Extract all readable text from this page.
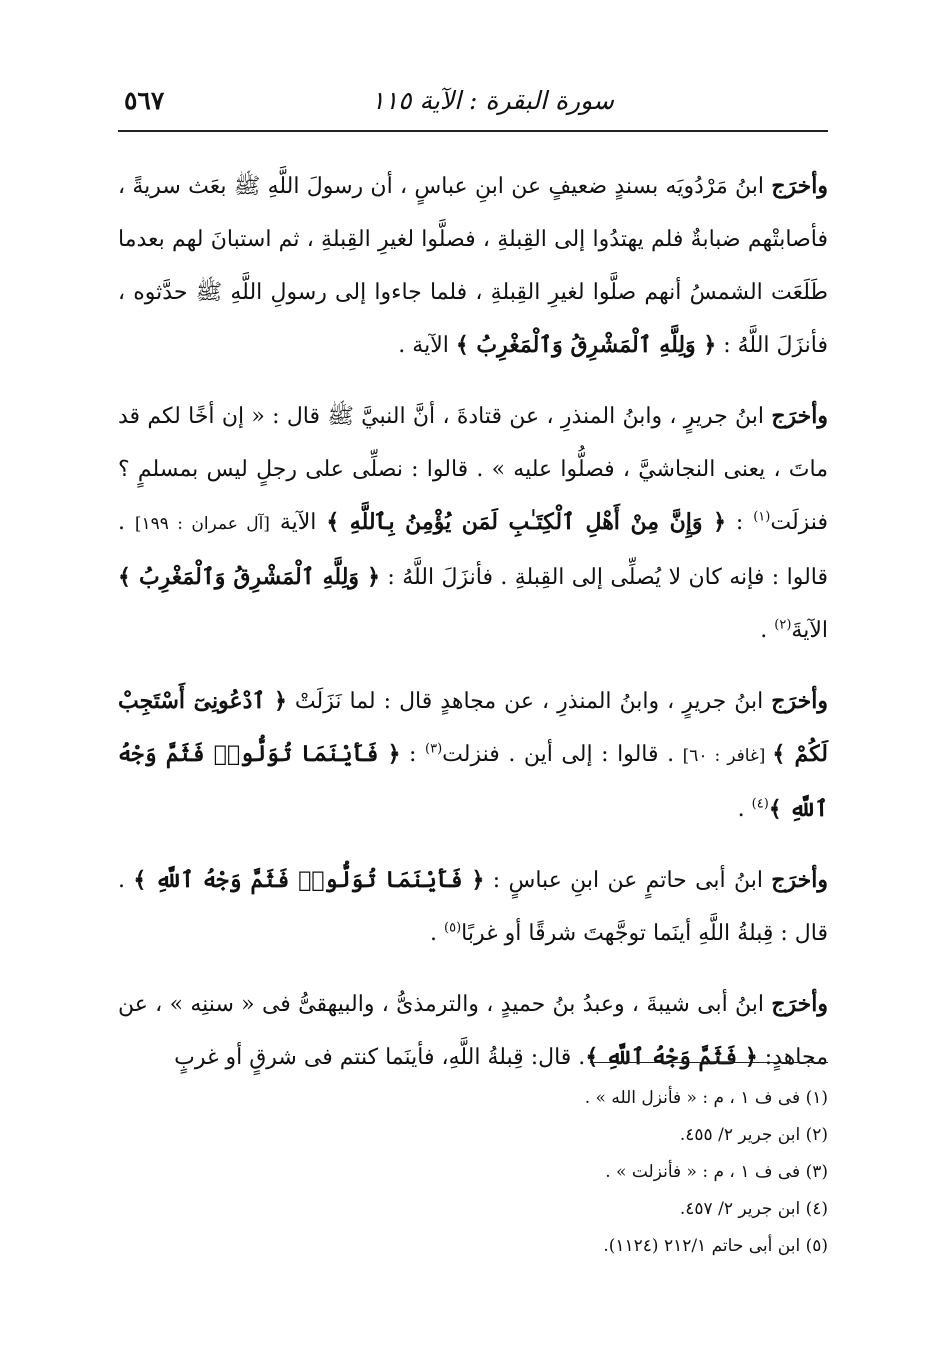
سورة البقرة : الآية ١١٥
٥٦٧

وأخرَج ابنُ مَرْدُويَه بسندٍ ضعيفٍ عن ابنِ عباسٍ ، أن رسولَ اللَّهِ ﷺ بعَث سريةً ، فأصابتْهم ضبابةٌ فلم يهتدُوا إلى القِبلةِ ، فصلَّوا لغيرِ القِبلةِ ، ثم استبانَ لهم بعدما طَلَعَت الشمسُ أنهم صلَّوا لغيرِ القِبلةِ ، فلما جاءوا إلى رسولِ اللَّهِ ﷺ حدَّثوه ، فأنزَلَ اللَّهُ : ﴿ وَلِلَّهِ ٱلْمَشْرِقُ وَٱلْمَغْرِبُ ﴾ الآية .

وأخرَج ابنُ جريرٍ ، وابنُ المنذرِ ، عن قتادةَ ، أنَّ النبيَّ ﷺ قال : « إن أخًا لكم قد ماتَ ، يعنى النجاشيَّ ، فصلُّوا عليه » . قالوا : نصلِّى على رجلٍ ليس بمسلمٍ ؟ فنزلَت$^{(١)}$ : ﴿ وَإِنَّ مِنْ أَهْلِ ٱلْكِتَـٰبِ لَمَن يُؤْمِنُ بِٱللَّهِ ﴾ الآية [آل عمران : ١٩٩] . قالوا : فإنه كان لا يُصلِّى إلى القِبلةِ . فأنزَلَ اللَّهُ : ﴿ وَلِلَّهِ ٱلْمَشْرِقُ وَٱلْمَغْرِبُ ﴾ الآيةَ$^{(٢)}$ .

وأخرَج ابنُ جريرٍ ، وابنُ المنذرِ ، عن مجاهدٍ قال : لما نَزَلَتْ ﴿ ٱدْعُونِىٓ أَسْتَجِبْ لَكُمْ ﴾ [غافر : ٦٠] . قالوا : إلى أين . فنزلت$^{(٣)}$ : ﴿ فَأَيْنَمَا تُوَلُّوا۟ فَثَمَّ وَجْهُ ٱللَّهِ ﴾$^{(٤)}$ .

وأخرَج ابنُ أبى حاتمٍ عن ابنِ عباسٍ : ﴿ فَأَيْنَمَا تُوَلُّوا۟ فَثَمَّ وَجْهُ ٱللَّهِ ﴾ . قال : قِبلةُ اللَّهِ أينَما توجَّهتَ شرقًا أو غربًا$^{(٥)}$ .

وأخرَج ابنُ أبى شيبةَ ، وعبدُ بنُ حميدٍ ، والترمذىُّ ، والبيهقىُّ فى « سننِه » ، عن مجاهدٍ: ﴿ فَثَمَّ وَجْهُ ٱللَّهِ ﴾. قال: قِبلةُ اللَّهِ، فأينَما كنتم فى شرقٍ أو غربٍ

(١) فى ف ١ ، م : « فأنزل الله » .
(٢) ابن جرير ٢/ ٤٥٥.
(٣) فى ف ١ ، م : « فأنزلت » .
(٤) ابن جرير ٢/ ٤٥٧.
(٥) ابن أبى حاتم ٢١٢/١ (١١٢٤).
